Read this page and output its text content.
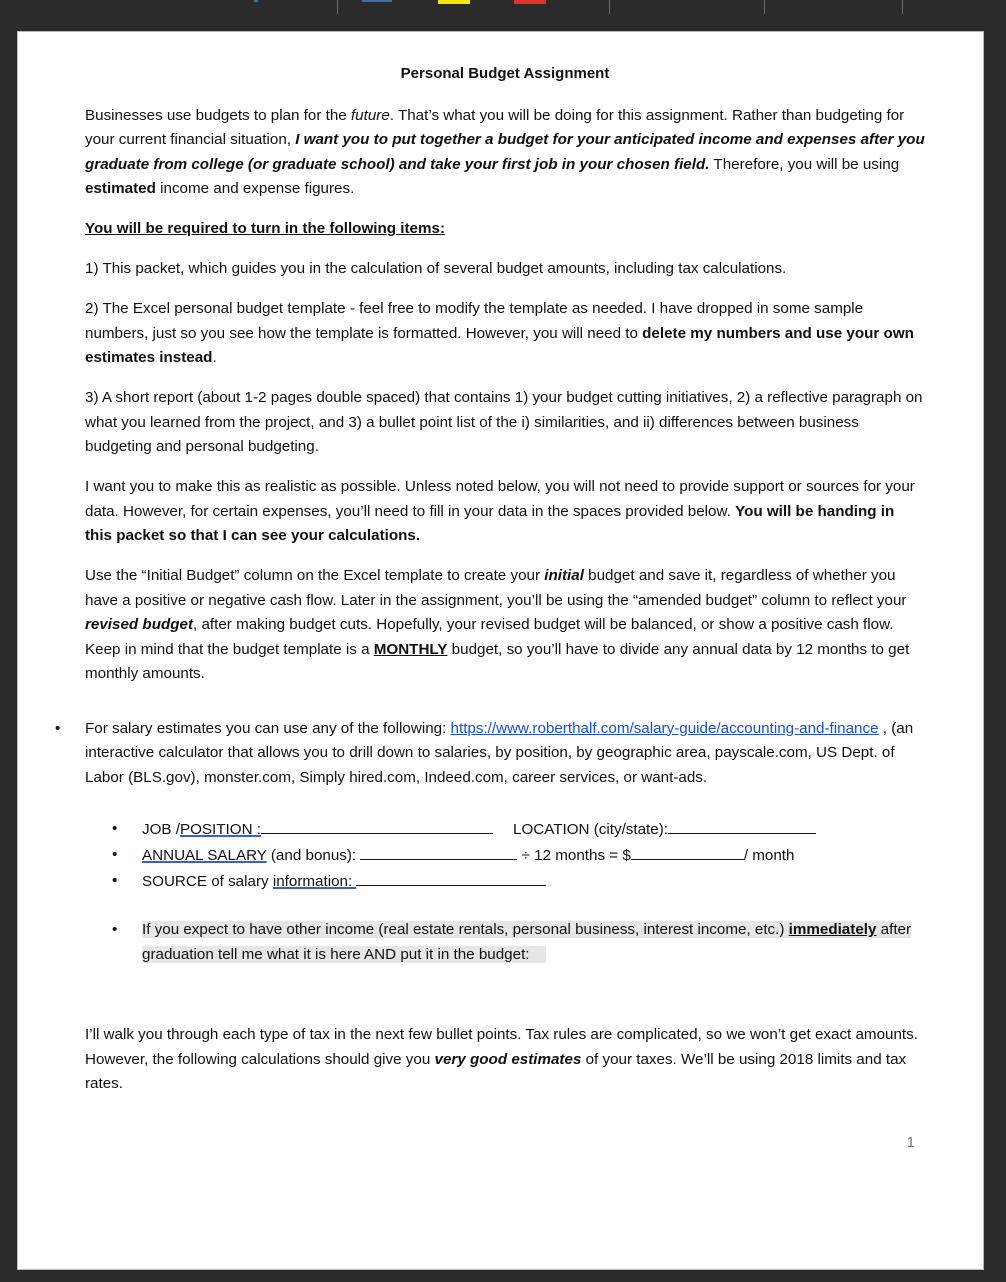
Personal Budget Assignment

Businesses use budgets to plan for the future. That’s what you will be doing for this assignment. Rather than budgeting for your current financial situation, I want you to put together a budget for your anticipated income and expenses after you graduate from college (or graduate school) and take your first job in your chosen field. Therefore, you will be using estimated income and expense figures.

You will be required to turn in the following items:

1) This packet, which guides you in the calculation of several budget amounts, including tax calculations.

2) The Excel personal budget template - feel free to modify the template as needed. I have dropped in some sample numbers, just so you see how the template is formatted. However, you will need to delete my numbers and use your own estimates instead.

3) A short report (about 1-2 pages double spaced) that contains 1) your budget cutting initiatives, 2) a reflective paragraph on what you learned from the project, and 3) a bullet point list of the i) similarities, and ii) differences between business budgeting and personal budgeting.

I want you to make this as realistic as possible. Unless noted below, you will not need to provide support or sources for your data. However, for certain expenses, you’ll need to fill in your data in the spaces provided below. You will be handing in this packet so that I can see your calculations.

Use the “Initial Budget” column on the Excel template to create your initial budget and save it, regardless of whether you have a positive or negative cash flow. Later in the assignment, you’ll be using the “amended budget” column to reflect your revised budget, after making budget cuts. Hopefully, your revised budget will be balanced, or show a positive cash flow. Keep in mind that the budget template is a MONTHLY budget, so you’ll have to divide any annual data by 12 months to get monthly amounts.

• For salary estimates you can use any of the following: https://www.roberthalf.com/salary-guide/accounting-and-finance , (an interactive calculator that allows you to drill down to salaries, by position, by geographic area, payscale.com, US Dept. of Labor (BLS.gov), monster.com, Simply hired.com, Indeed.com, career services, or want-ads.
• JOB /POSITION :	LOCATION (city/state):
• ANNUAL SALARY (and bonus):	÷ 12 months = $	/ month
• SOURCE of salary information:
• If you expect to have other income (real estate rentals, personal business, interest income, etc.) immediately after graduation tell me what it is here AND put it in the budget:

I’ll walk you through each type of tax in the next few bullet points. Tax rules are complicated, so we won’t get exact amounts. However, the following calculations should give you very good estimates of your taxes. We’ll be using 2018 limits and tax rates.

1
